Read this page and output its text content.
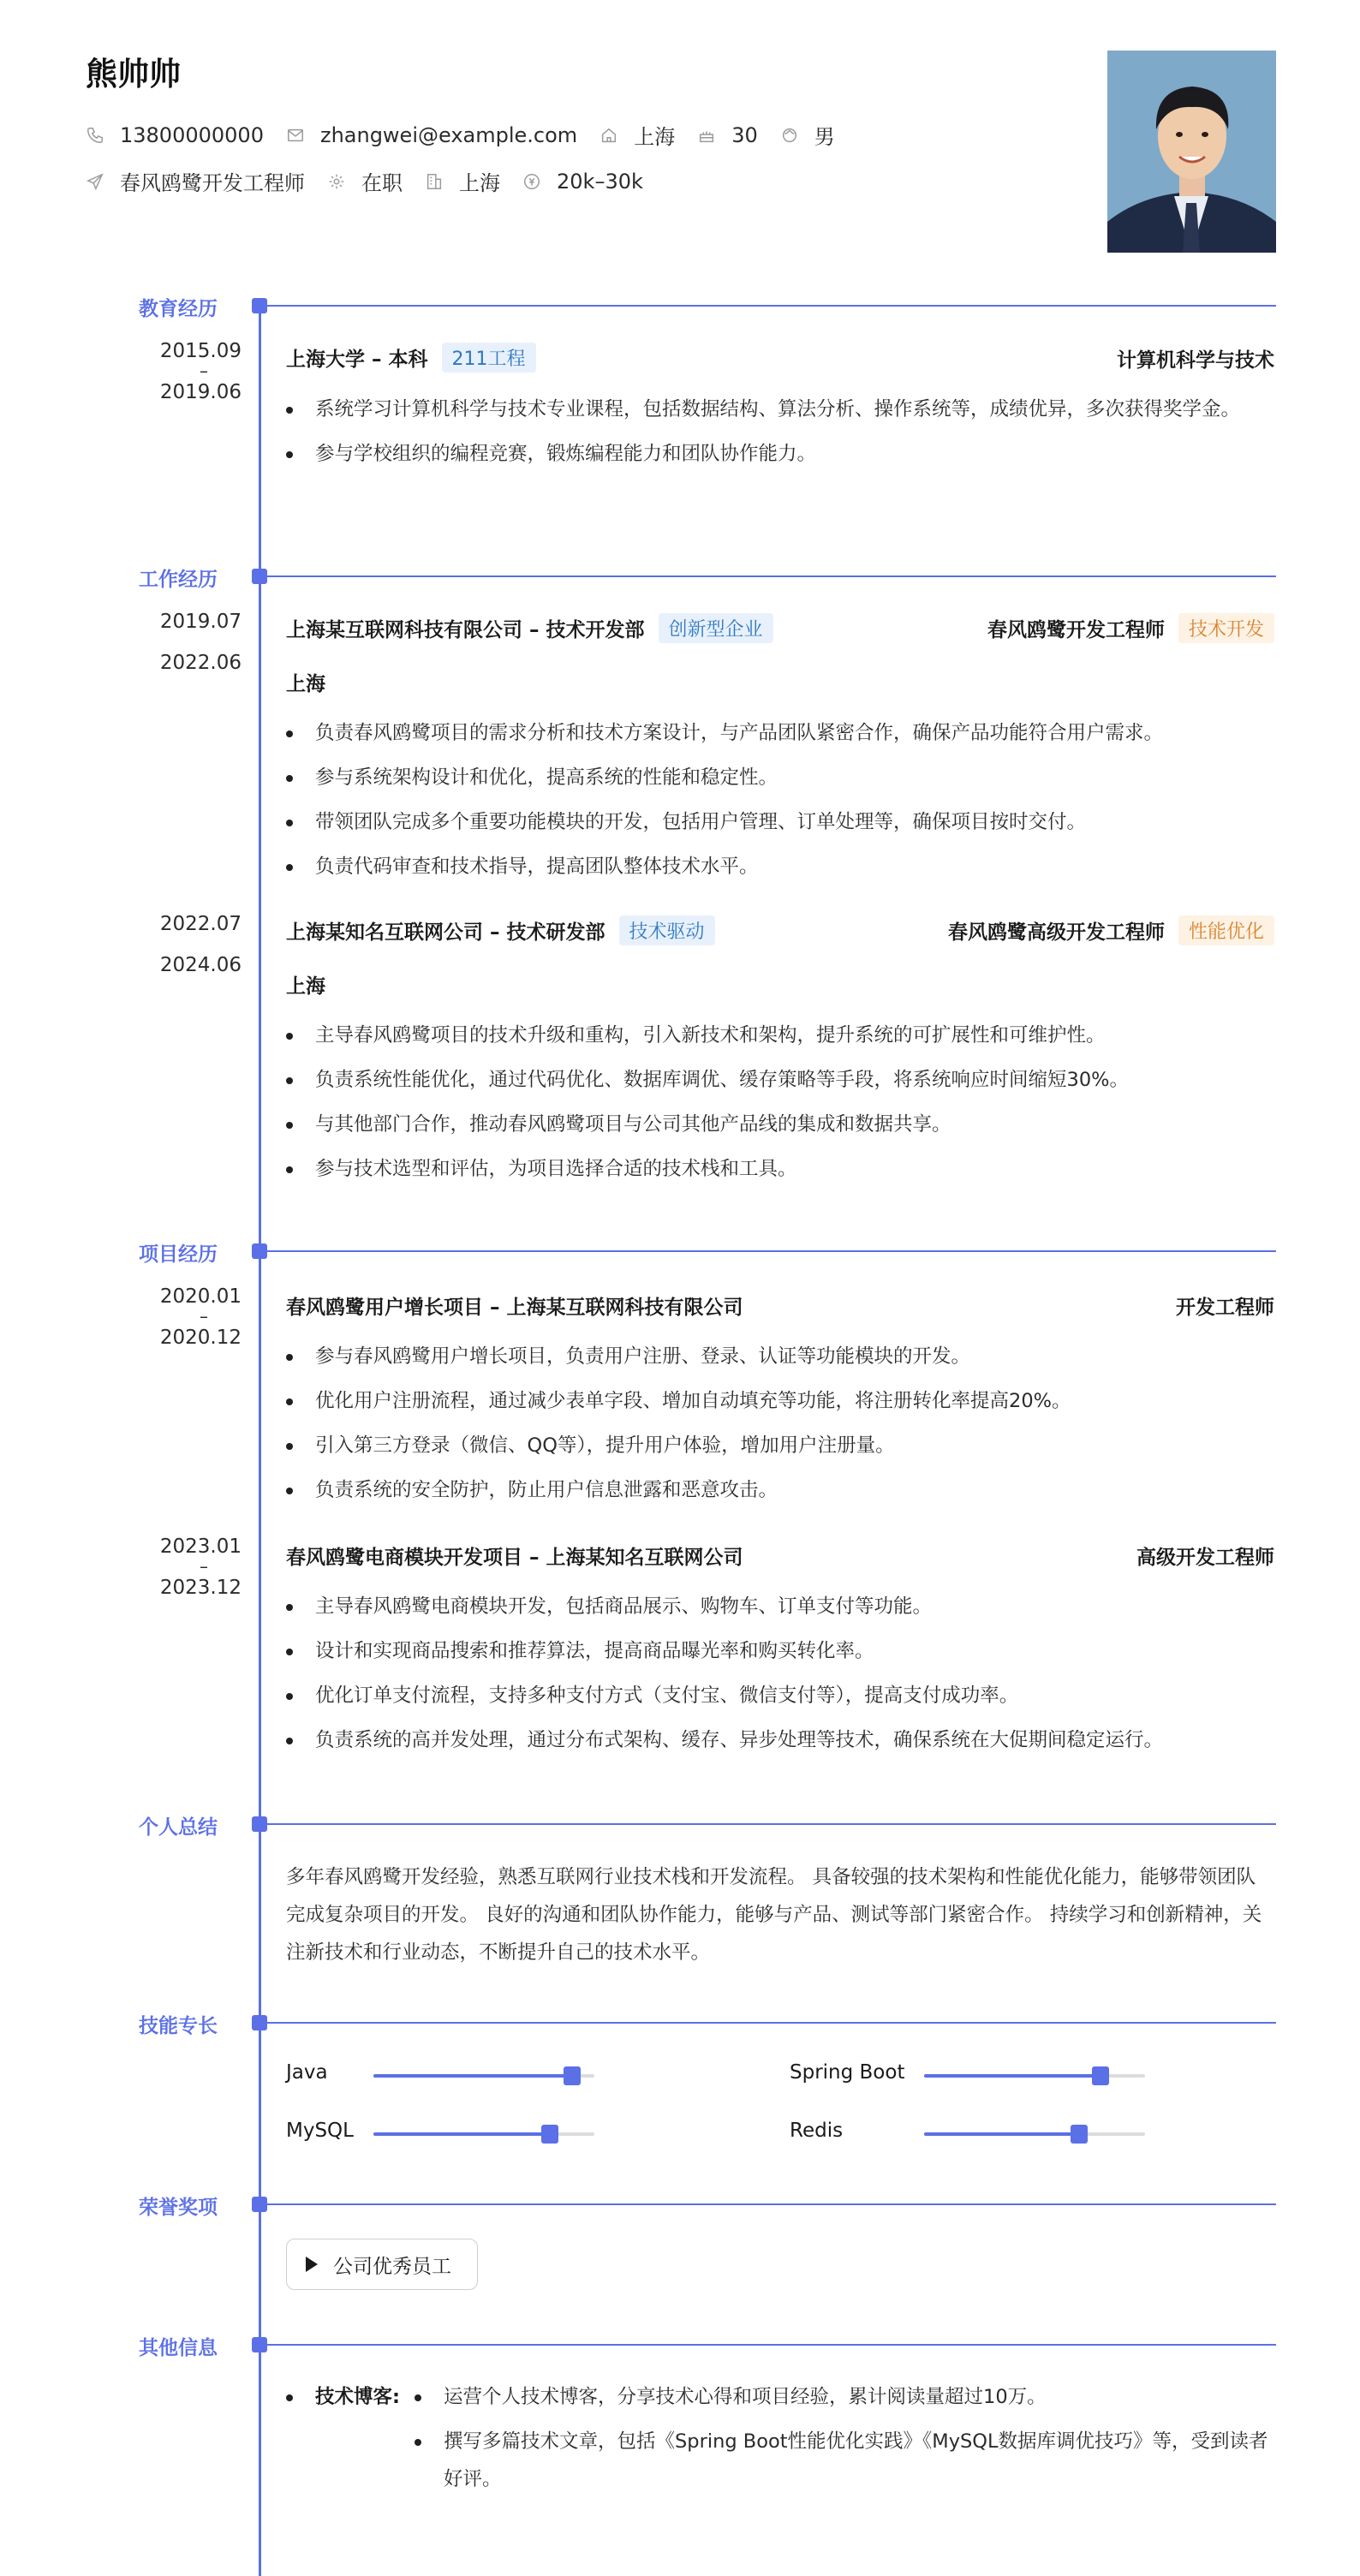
熊帅帅
13800000000	zhangwei@example.com	上海	30	男
春风鸥鹭开发工程师	在职	上海	20k–30k
教育经历
2015.09
–
2019.06
上海大学 – 本科	211工程	计算机科学与技术
系统学习计算机科学与技术专业课程，包括数据结构、算法分析、操作系统等，成绩优异，多次获得奖学金。
参与学校组织的编程竞赛，锻炼编程能力和团队协作能力。
工作经历
2019.07
2022.06
上海某互联网科技有限公司 – 技术开发部	创新型企业	春风鸥鹭开发工程师	技术开发
上海
负责春风鸥鹭项目的需求分析和技术方案设计，与产品团队紧密合作，确保产品功能符合用户需求。
参与系统架构设计和优化，提高系统的性能和稳定性。
带领团队完成多个重要功能模块的开发，包括用户管理、订单处理等，确保项目按时交付。
负责代码审查和技术指导，提高团队整体技术水平。
2022.07
2024.06
上海某知名互联网公司 – 技术研发部	技术驱动	春风鸥鹭高级开发工程师	性能优化
上海
主导春风鸥鹭项目的技术升级和重构，引入新技术和架构，提升系统的可扩展性和可维护性。
负责系统性能优化，通过代码优化、数据库调优、缓存策略等手段，将系统响应时间缩短30%。
与其他部门合作，推动春风鸥鹭项目与公司其他产品线的集成和数据共享。
参与技术选型和评估，为项目选择合适的技术栈和工具。
项目经历
2020.01
–
2020.12
春风鸥鹭用户增长项目 – 上海某互联网科技有限公司	开发工程师
参与春风鸥鹭用户增长项目，负责用户注册、登录、认证等功能模块的开发。
优化用户注册流程，通过减少表单字段、增加自动填充等功能，将注册转化率提高20%。
引入第三方登录（微信、QQ等），提升用户体验，增加用户注册量。
负责系统的安全防护，防止用户信息泄露和恶意攻击。
2023.01
–
2023.12
春风鸥鹭电商模块开发项目 – 上海某知名互联网公司	高级开发工程师
主导春风鸥鹭电商模块开发，包括商品展示、购物车、订单支付等功能。
设计和实现商品搜索和推荐算法，提高商品曝光率和购买转化率。
优化订单支付流程，支持多种支付方式（支付宝、微信支付等），提高支付成功率。
负责系统的高并发处理，通过分布式架构、缓存、异步处理等技术，确保系统在大促期间稳定运行。
个人总结
多年春风鸥鹭开发经验，熟悉互联网行业技术栈和开发流程。 具备较强的技术架构和性能优化能力，能够带领团队完成复杂项目的开发。 良好的沟通和团队协作能力，能够与产品、测试等部门紧密合作。 持续学习和创新精神，关注新技术和行业动态，不断提升自己的技术水平。
技能专长
Java	Spring Boot
MySQL	Redis
荣誉奖项
公司优秀员工
其他信息
技术博客:	运营个人技术博客，分享技术心得和项目经验，累计阅读量超过10万。
撰写多篇技术文章，包括《Spring Boot性能优化实践》《MySQL数据库调优技巧》等，受到读者好评。
